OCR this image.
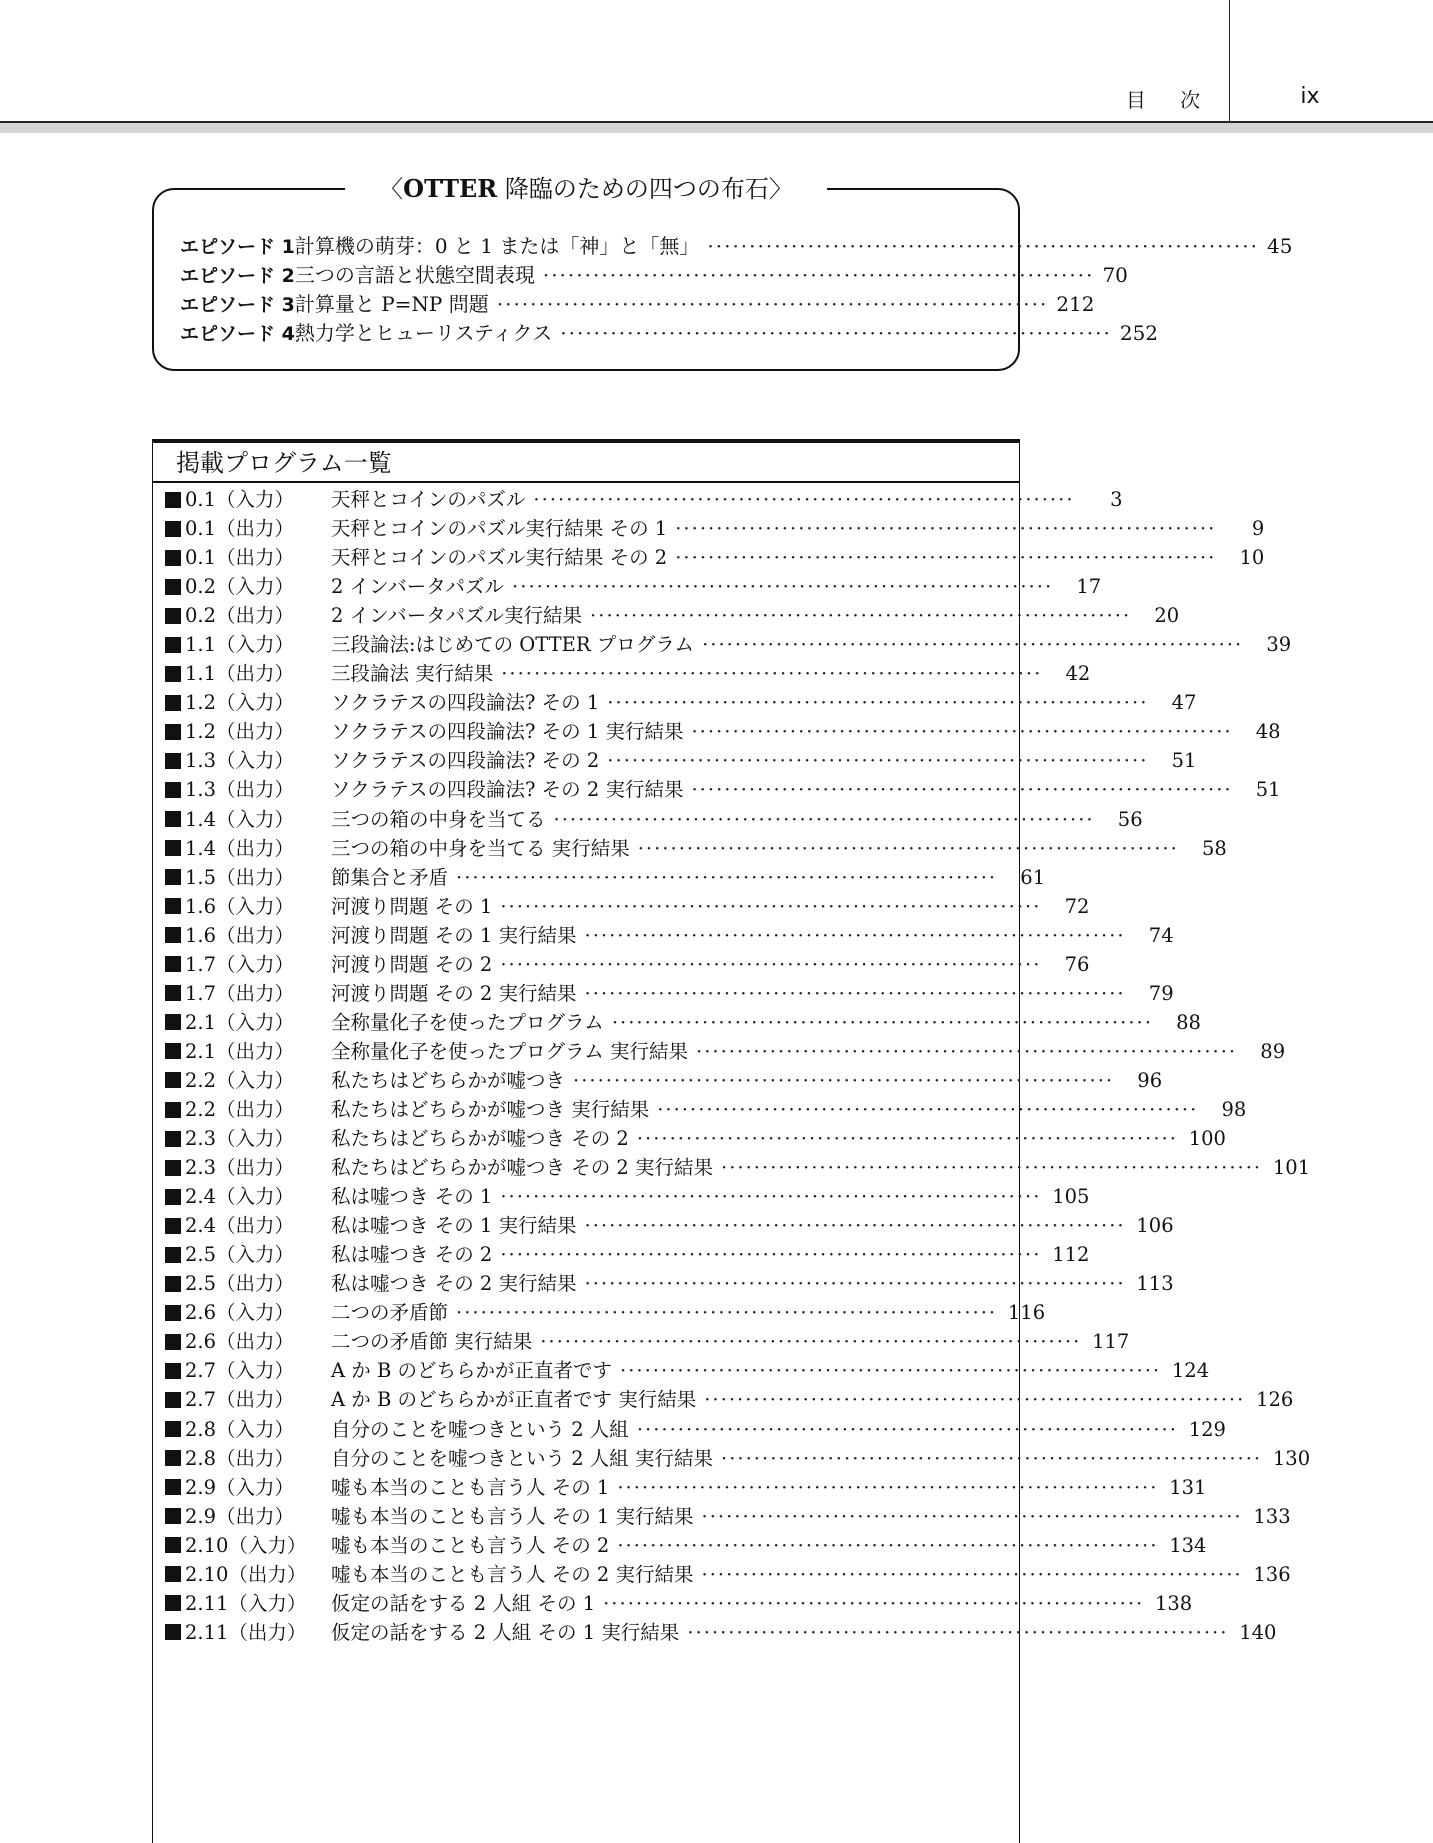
目 次	ix
〈OTTER 降臨のための四つの布石〉
エピソード 1 計算機の萌芽：0 と 1 または「神」と「無」 ·································································· 45
エピソード 2 三つの言語と状態空間表現 ·································································· 70
エピソード 3 計算量と P=NP 問題 ·································································· 212
エピソード 4 熱力学とヒューリスティクス ·································································· 252
掲載プログラム一覧
0.1（入力）	天秤とコインのパズル ··································································	3
0.1（出力）	天秤とコインのパズル実行結果 その 1 ··································································	9
0.1（出力）	天秤とコインのパズル実行結果 その 2 ··································································	10
0.2（入力）	2 インバータパズル ··································································	17
0.2（出力）	2 インバータパズル実行結果 ··································································	20
1.1（入力）	三段論法:はじめての OTTER プログラム ··································································	39
1.1（出力）	三段論法 実行結果 ··································································	42
1.2（入力）	ソクラテスの四段論法? その 1 ··································································	47
1.2（出力）	ソクラテスの四段論法? その 1 実行結果 ··································································	48
1.3（入力）	ソクラテスの四段論法? その 2 ··································································	51
1.3（出力）	ソクラテスの四段論法? その 2 実行結果 ··································································	51
1.4（入力）	三つの箱の中身を当てる ··································································	56
1.4（出力）	三つの箱の中身を当てる 実行結果 ··································································	58
1.5（出力）	節集合と矛盾 ··································································	61
1.6（入力）	河渡り問題 その 1 ··································································	72
1.6（出力）	河渡り問題 その 1 実行結果 ··································································	74
1.7（入力）	河渡り問題 その 2 ··································································	76
1.7（出力）	河渡り問題 その 2 実行結果 ··································································	79
2.1（入力）	全称量化子を使ったプログラム ··································································	88
2.1（出力）	全称量化子を使ったプログラム 実行結果 ··································································	89
2.2（入力）	私たちはどちらかが嘘つき ··································································	96
2.2（出力）	私たちはどちらかが嘘つき 実行結果 ··································································	98
2.3（入力）	私たちはどちらかが嘘つき その 2 ·································································· 100
2.3（出力）	私たちはどちらかが嘘つき その 2 実行結果 ·································································· 101
2.4（入力）	私は嘘つき その 1 ·································································· 105
2.4（出力）	私は嘘つき その 1 実行結果 ·································································· 106
2.5（入力）	私は嘘つき その 2 ·································································· 112
2.5（出力）	私は嘘つき その 2 実行結果 ·································································· 113
2.6（入力）	二つの矛盾節 ·································································· 116
2.6（出力）	二つの矛盾節 実行結果 ·································································· 117
2.7（入力）	A か B のどちらかが正直者です ·································································· 124
2.7（出力）	A か B のどちらかが正直者です 実行結果 ·································································· 126
2.8（入力）	自分のことを嘘つきという 2 人組 ·································································· 129
2.8（出力）	自分のことを嘘つきという 2 人組 実行結果 ·································································· 130
2.9（入力）	嘘も本当のことも言う人 その 1 ·································································· 131
2.9（出力）	嘘も本当のことも言う人 その 1 実行結果 ·································································· 133
2.10（入力）	嘘も本当のことも言う人 その 2 ·································································· 134
2.10（出力）	嘘も本当のことも言う人 その 2 実行結果 ·································································· 136
2.11（入力）	仮定の話をする 2 人組 その 1 ·································································· 138
2.11（出力）	仮定の話をする 2 人組 その 1 実行結果 ·································································· 140
